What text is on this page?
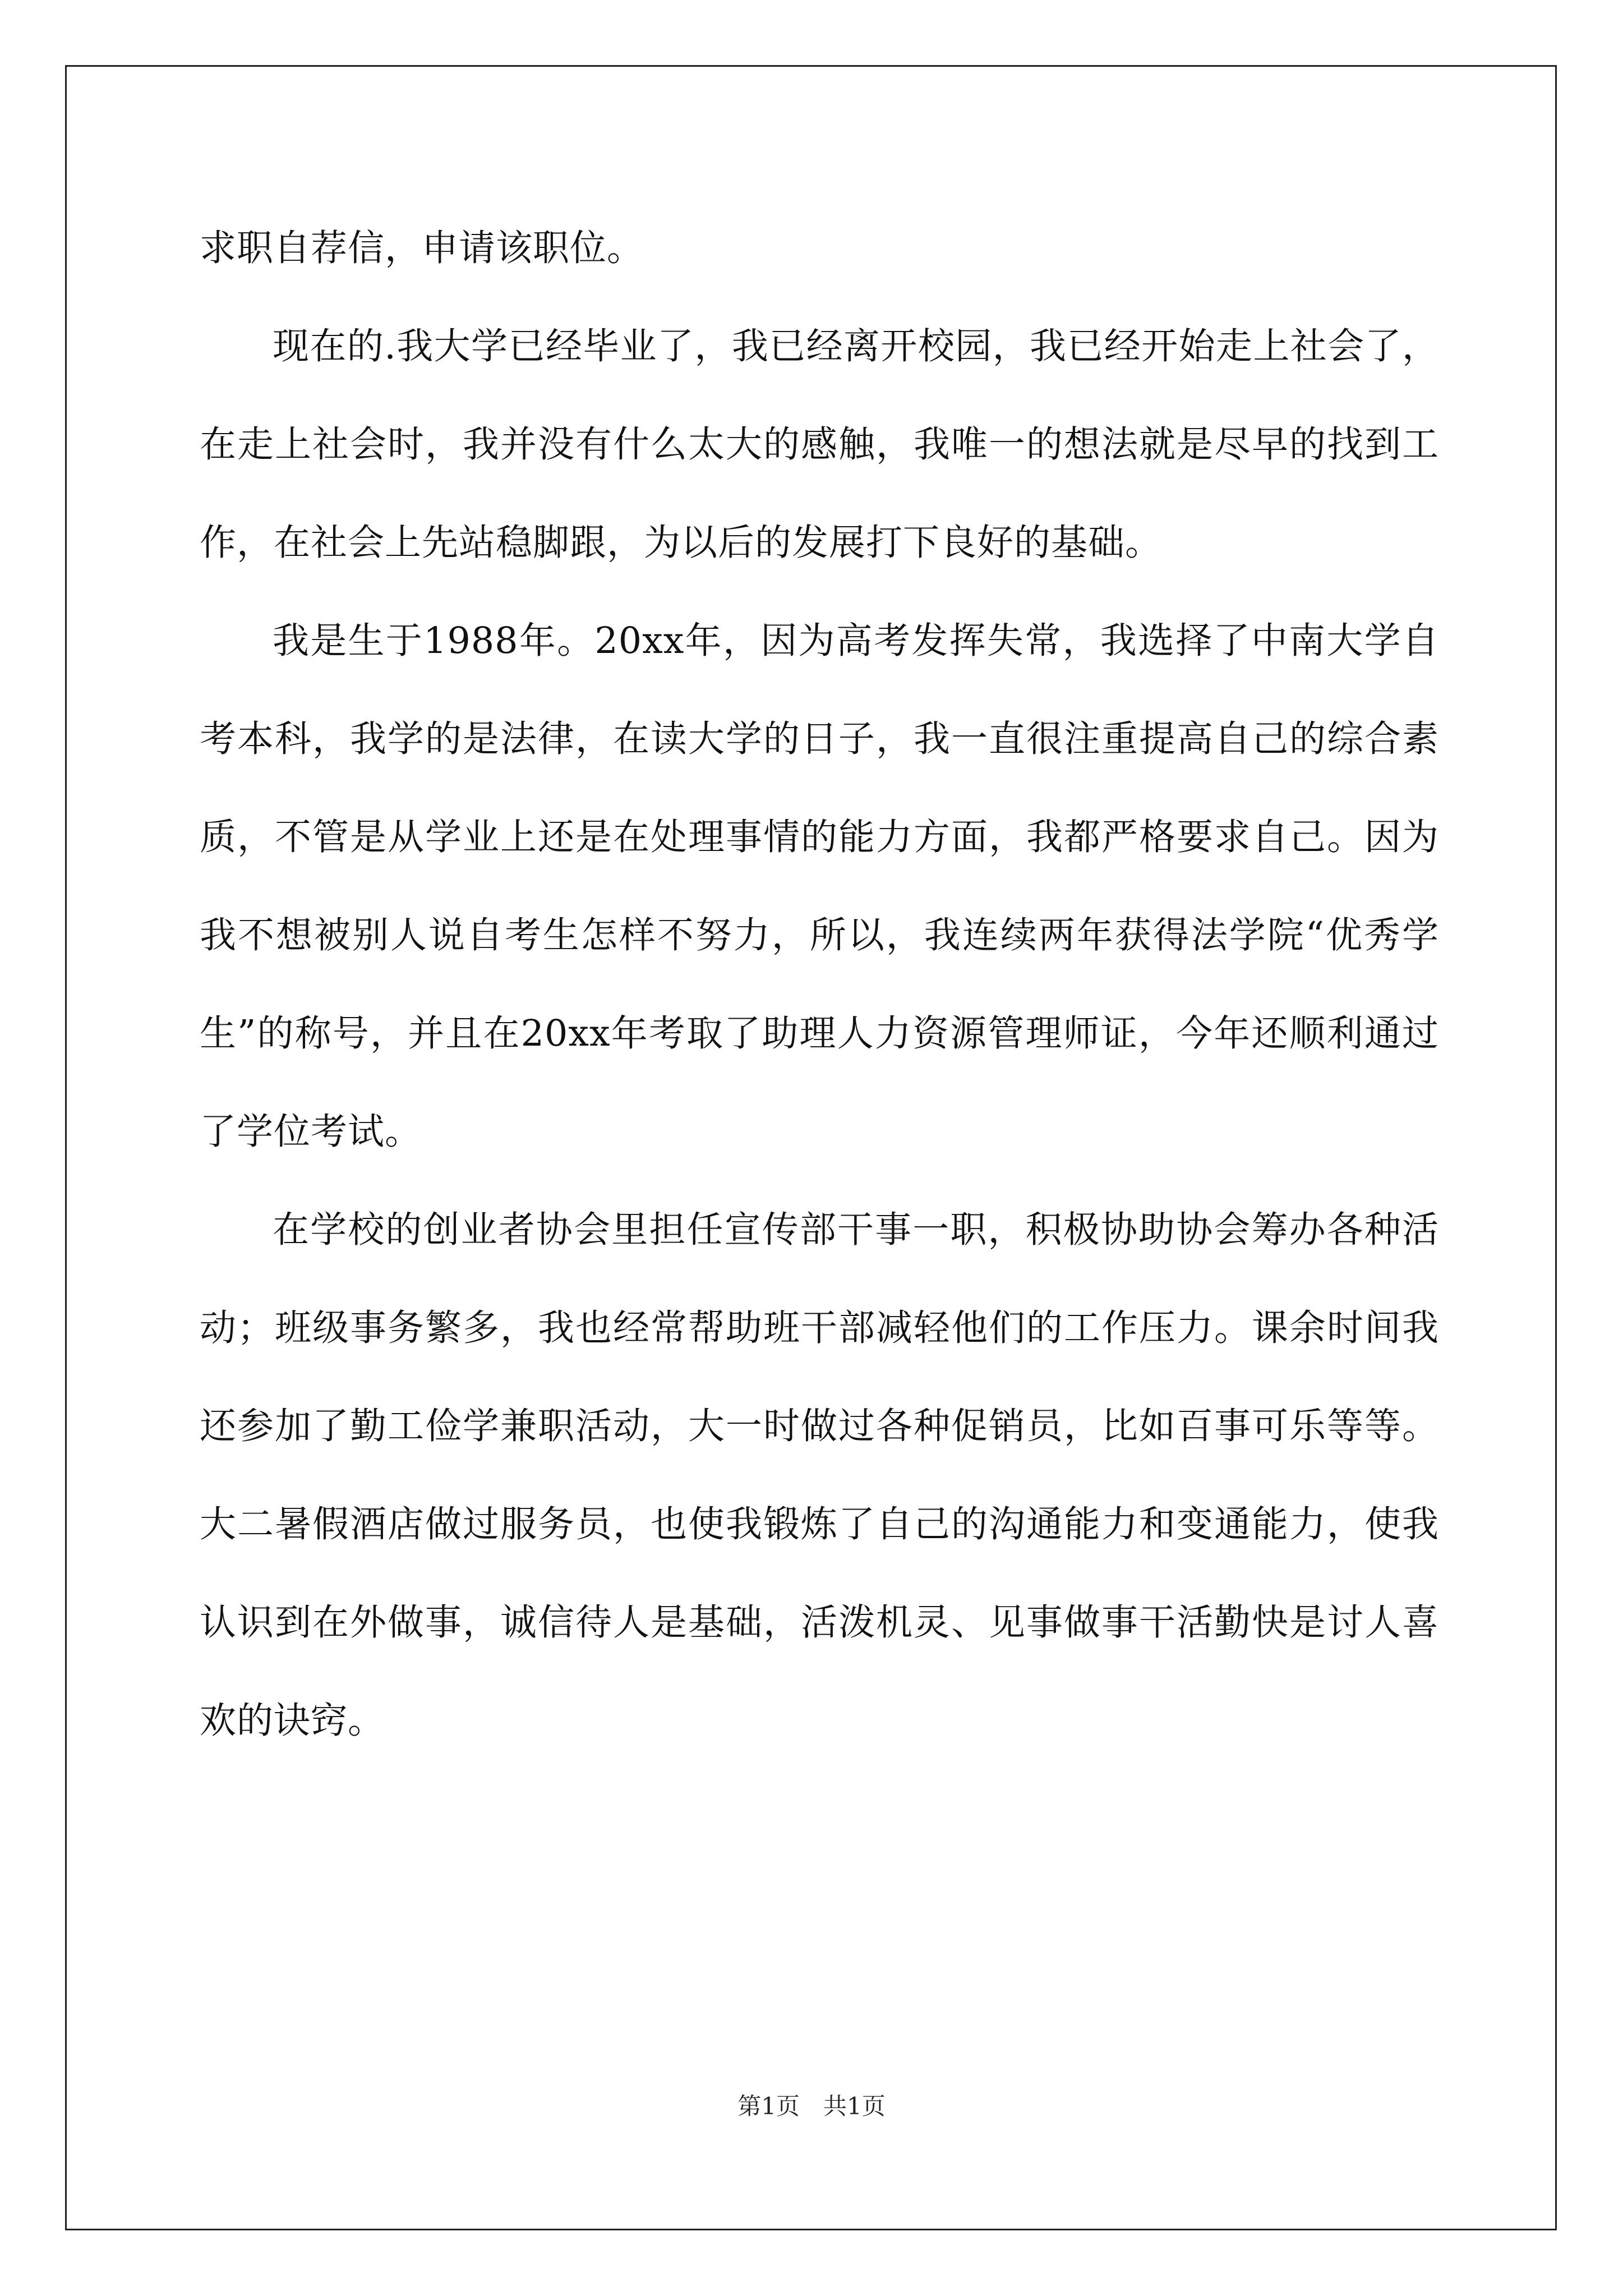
求职自荐信，申请该职位。

现在的.我大学已经毕业了，我已经离开校园，我已经开始走上社会了，在走上社会时，我并没有什么太大的感触，我唯一的想法就是尽早的找到工作，在社会上先站稳脚跟，为以后的发展打下良好的基础。

我是生于1988年。20xx年，因为高考发挥失常，我选择了中南大学自考本科，我学的是法律，在读大学的日子，我一直很注重提高自己的综合素质，不管是从学业上还是在处理事情的能力方面，我都严格要求自己。因为我不想被别人说自考生怎样不努力，所以，我连续两年获得法学院“优秀学生”的称号，并且在20xx年考取了助理人力资源管理师证，今年还顺利通过了学位考试。

在学校的创业者协会里担任宣传部干事一职，积极协助协会筹办各种活动；班级事务繁多，我也经常帮助班干部减轻他们的工作压力。课余时间我还参加了勤工俭学兼职活动，大一时做过各种促销员，比如百事可乐等等。大二暑假酒店做过服务员，也使我锻炼了自己的沟通能力和变通能力，使我认识到在外做事，诚信待人是基础，活泼机灵、见事做事干活勤快是讨人喜欢的诀窍。

第1页　共1页
